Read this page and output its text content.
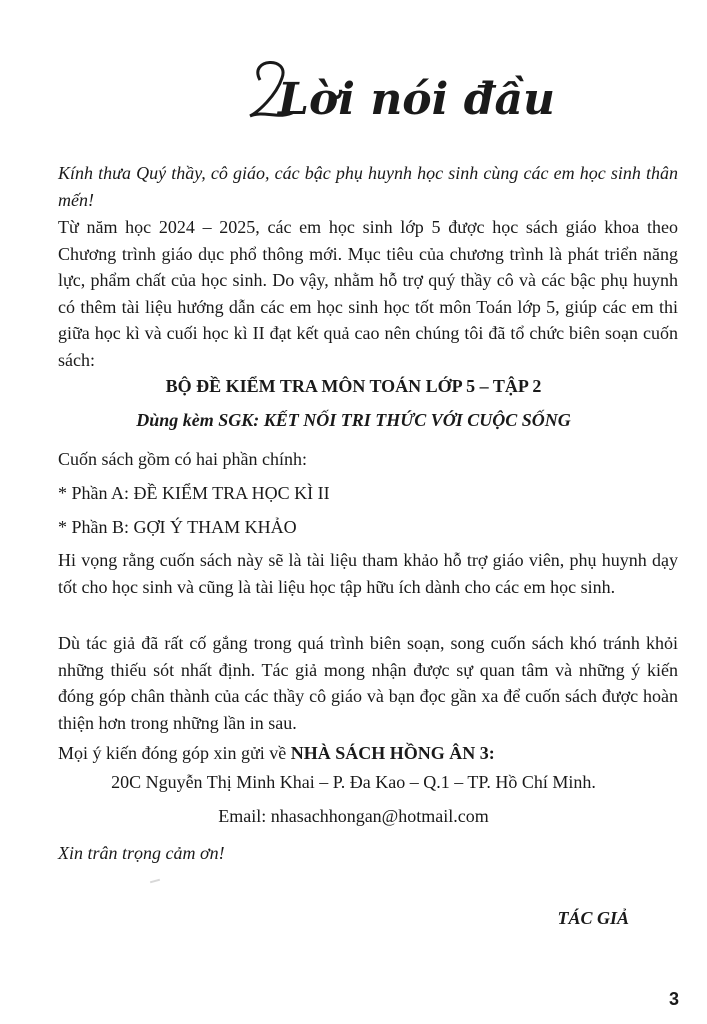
Lời nói đầu
Kính thưa Quý thầy, cô giáo, các bậc phụ huynh học sinh cùng các em học sinh thân mến!
Từ năm học 2024 – 2025, các em học sinh lớp 5 được học sách giáo khoa theo Chương trình giáo dục phổ thông mới. Mục tiêu của chương trình là phát triển năng lực, phẩm chất của học sinh. Do vậy, nhằm hỗ trợ quý thầy cô và các bậc phụ huynh có thêm tài liệu hướng dẫn các em học sinh học tốt môn Toán lớp 5, giúp các em thi giữa học kì và cuối học kì II đạt kết quả cao nên chúng tôi đã tổ chức biên soạn cuốn sách:
BỘ ĐỀ KIỂM TRA MÔN TOÁN LỚP 5 – TẬP 2
Dùng kèm SGK: KẾT NỐI TRI THỨC VỚI CUỘC SỐNG
Cuốn sách gồm có hai phần chính:
* Phần A: ĐỀ KIỂM TRA HỌC KÌ II
* Phần B: GỢI Ý THAM KHẢO
Hi vọng rằng cuốn sách này sẽ là tài liệu tham khảo hỗ trợ giáo viên, phụ huynh dạy tốt cho học sinh và cũng là tài liệu học tập hữu ích dành cho các em học sinh.
Dù tác giả đã rất cố gắng trong quá trình biên soạn, song cuốn sách khó tránh khỏi những thiếu sót nhất định. Tác giả mong nhận được sự quan tâm và những ý kiến đóng góp chân thành của các thầy cô giáo và bạn đọc gần xa để cuốn sách được hoàn thiện hơn trong những lần in sau.
Mọi ý kiến đóng góp xin gửi về NHÀ SÁCH HỒNG ÂN 3:
20C Nguyễn Thị Minh Khai – P. Đa Kao – Q.1 – TP. Hồ Chí Minh.
Email: nhasachhongan@hotmail.com
Xin trân trọng cảm ơn!
TÁC GIẢ
3
